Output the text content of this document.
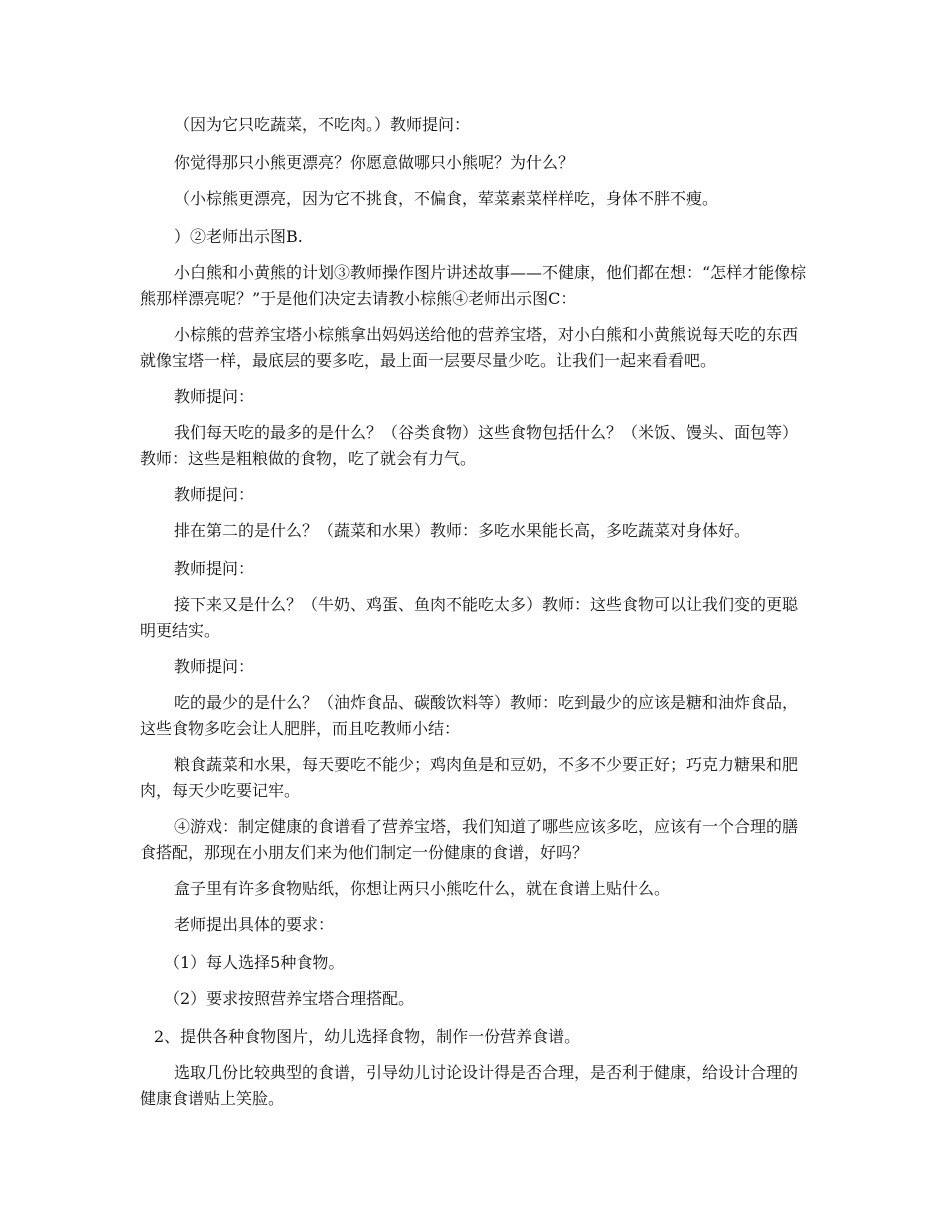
（因为它只吃蔬菜，不吃肉。）教师提问：

你觉得那只小熊更漂亮？你愿意做哪只小熊呢？为什么？

（小棕熊更漂亮，因为它不挑食，不偏食，荤菜素菜样样吃，身体不胖不瘦。

）②老师出示图B.

小白熊和小黄熊的计划③教师操作图片讲述故事——不健康，他们都在想：“怎样才能像棕熊那样漂亮呢？”于是他们决定去请教小棕熊④老师出示图C：

小棕熊的营养宝塔小棕熊拿出妈妈送给他的营养宝塔，对小白熊和小黄熊说每天吃的东西就像宝塔一样，最底层的要多吃，最上面一层要尽量少吃。让我们一起来看看吧。

教师提问：

我们每天吃的最多的是什么？（谷类食物）这些食物包括什么？（米饭、馒头、面包等）教师：这些是粗粮做的食物，吃了就会有力气。

教师提问：

排在第二的是什么？（蔬菜和水果）教师：多吃水果能长高，多吃蔬菜对身体好。

教师提问：

接下来又是什么？（牛奶、鸡蛋、鱼肉不能吃太多）教师：这些食物可以让我们变的更聪明更结实。

教师提问：

吃的最少的是什么？（油炸食品、碳酸饮料等）教师：吃到最少的应该是糖和油炸食品，这些食物多吃会让人肥胖，而且吃教师小结：

粮食蔬菜和水果，每天要吃不能少；鸡肉鱼是和豆奶，不多不少要正好；巧克力糖果和肥肉，每天少吃要记牢。

④游戏：制定健康的食谱看了营养宝塔，我们知道了哪些应该多吃，应该有一个合理的膳食搭配，那现在小朋友们来为他们制定一份健康的食谱，好吗？

盒子里有许多食物贴纸，你想让两只小熊吃什么，就在食谱上贴什么。

老师提出具体的要求：

（1）每人选择5种食物。

（2）要求按照营养宝塔合理搭配。

2、提供各种食物图片，幼儿选择食物，制作一份营养食谱。

选取几份比较典型的食谱，引导幼儿讨论设计得是否合理，是否利于健康，给设计合理的健康食谱贴上笑脸。
